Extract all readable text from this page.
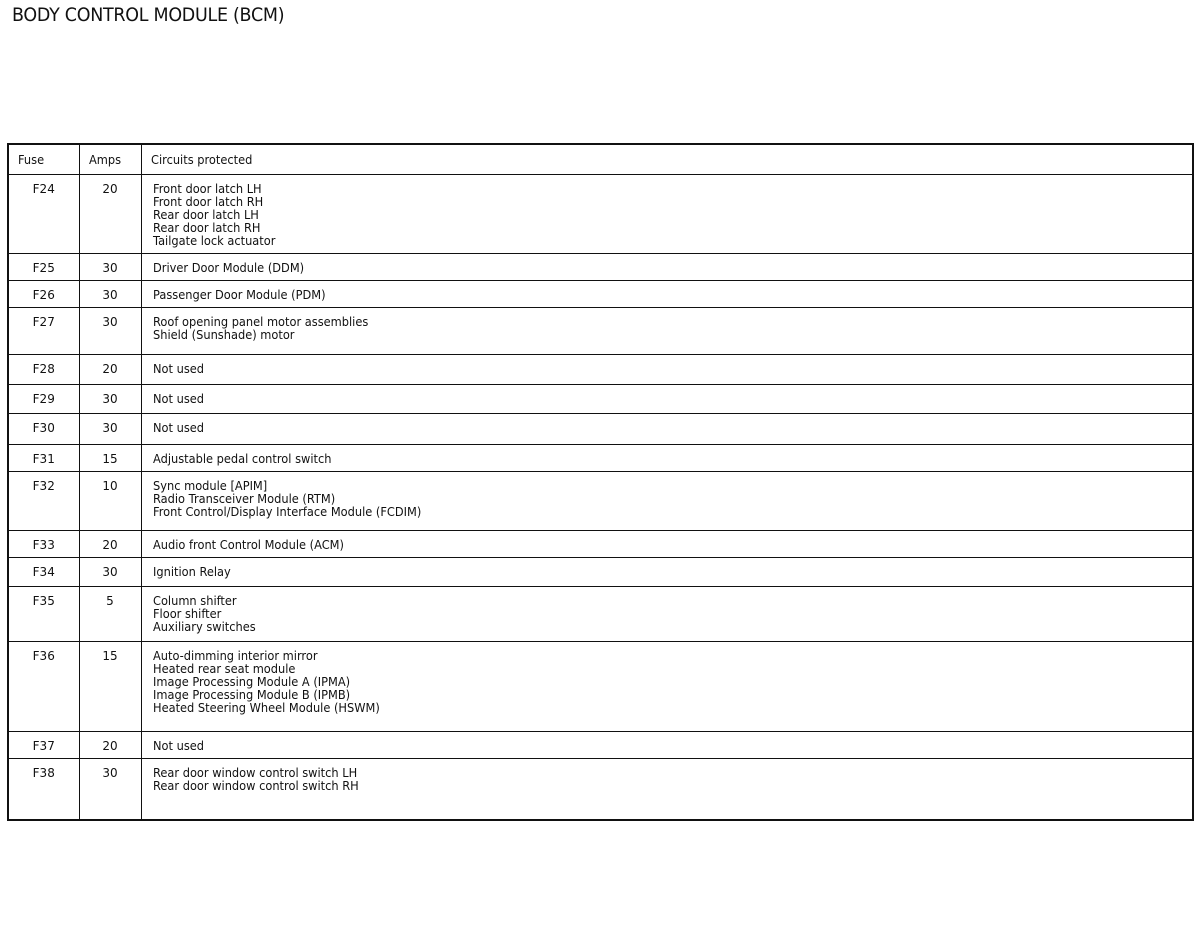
BODY CONTROL MODULE (BCM)
Fuse	Amps	Circuits protected
F24	20	Front door latch LH
Front door latch RH
Rear door latch LH
Rear door latch RH
Tailgate lock actuator

F25	30	Driver Door Module (DDM)

F26	30	Passenger Door Module (PDM)

F27	30	Roof opening panel motor assemblies
Shield (Sunshade) motor

F28	20	Not used

F29	30	Not used

F30	30	Not used

F31	15	Adjustable pedal control switch

F32	10	Sync module [APIM]
Radio Transceiver Module (RTM)
Front Control/Display Interface Module (FCDIM)

F33	20	Audio front Control Module (ACM)

F34	30	Ignition Relay

F35	5	Column shifter
Floor shifter
Auxiliary switches

F36	15	Auto-dimming interior mirror
Heated rear seat module
Image Processing Module A (IPMA)
Image Processing Module B (IPMB)
Heated Steering Wheel Module (HSWM)

F37	20	Not used

F38	30	Rear door window control switch LH
Rear door window control switch RH
